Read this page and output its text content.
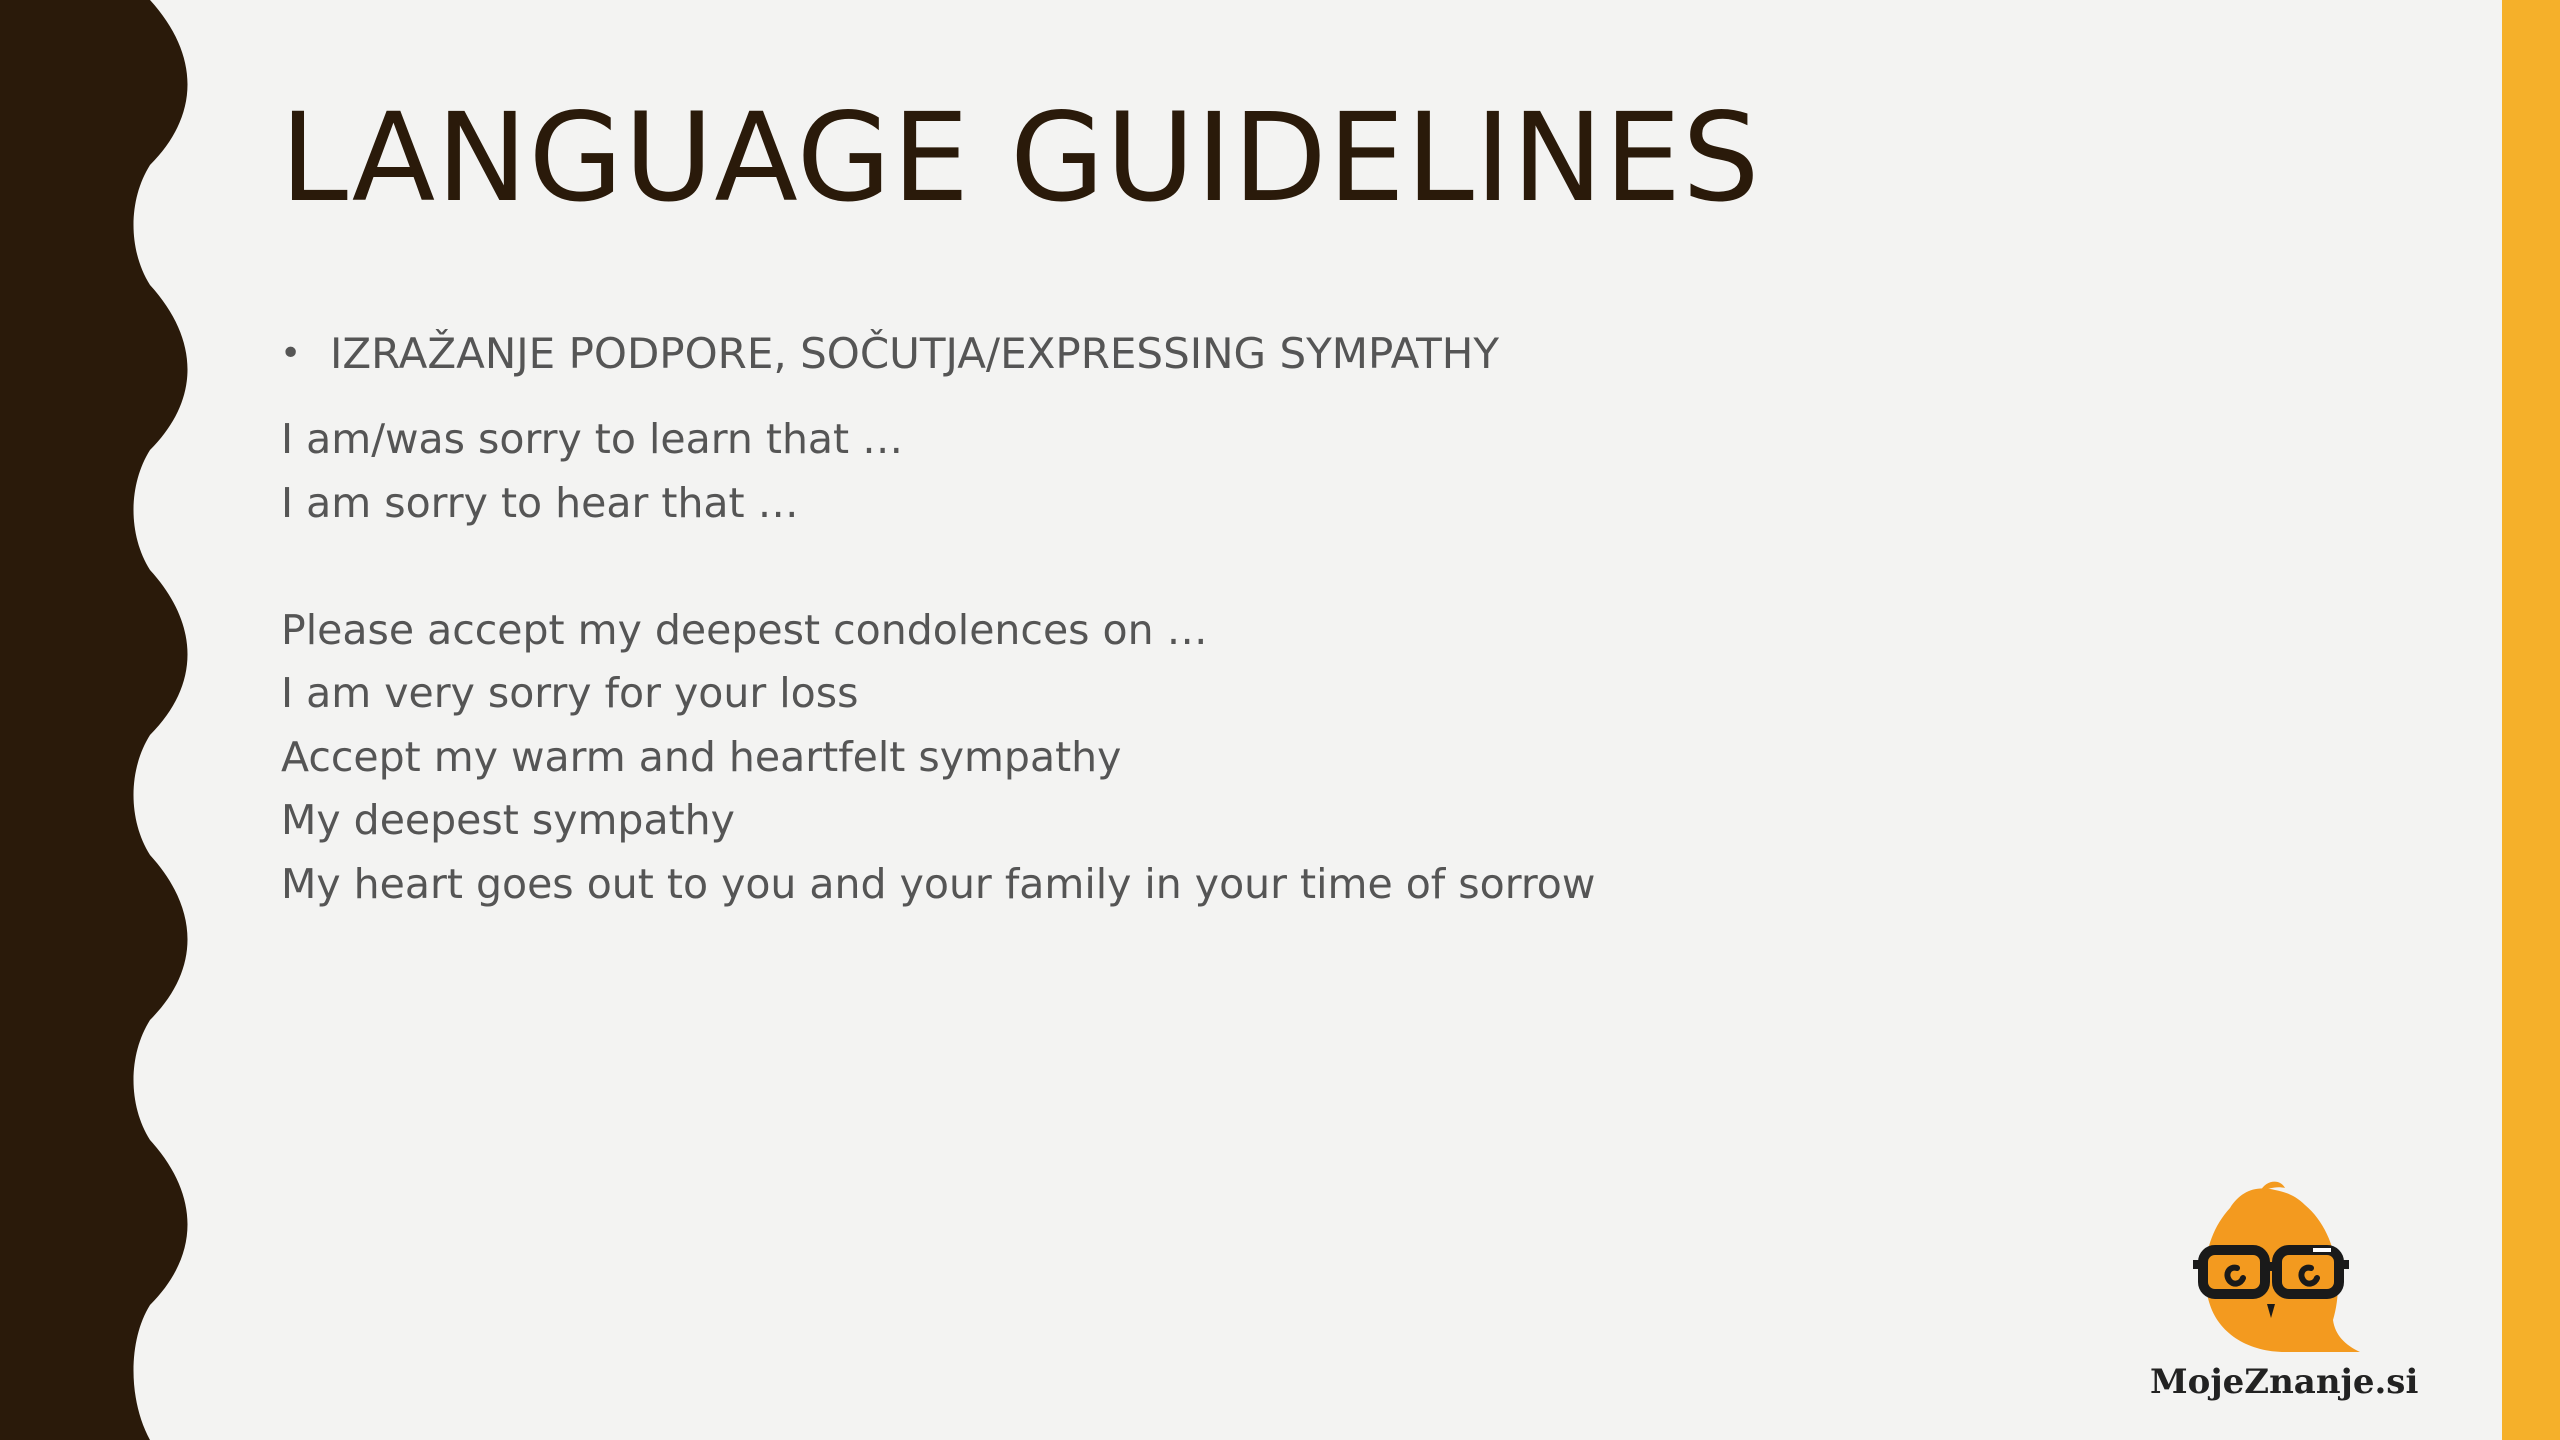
LANGUAGE GUIDELINES
• IZRAŽANJE PODPORE, SOČUTJA/EXPRESSING SYMPATHY
I am/was sorry to learn that …
I am sorry to hear that …
Please accept my deepest condolences on …
I am very sorry for your loss
Accept my warm and heartfelt sympathy
My deepest sympathy
My heart goes out to you and your family in your time of sorrow
MojeZnanje.si
